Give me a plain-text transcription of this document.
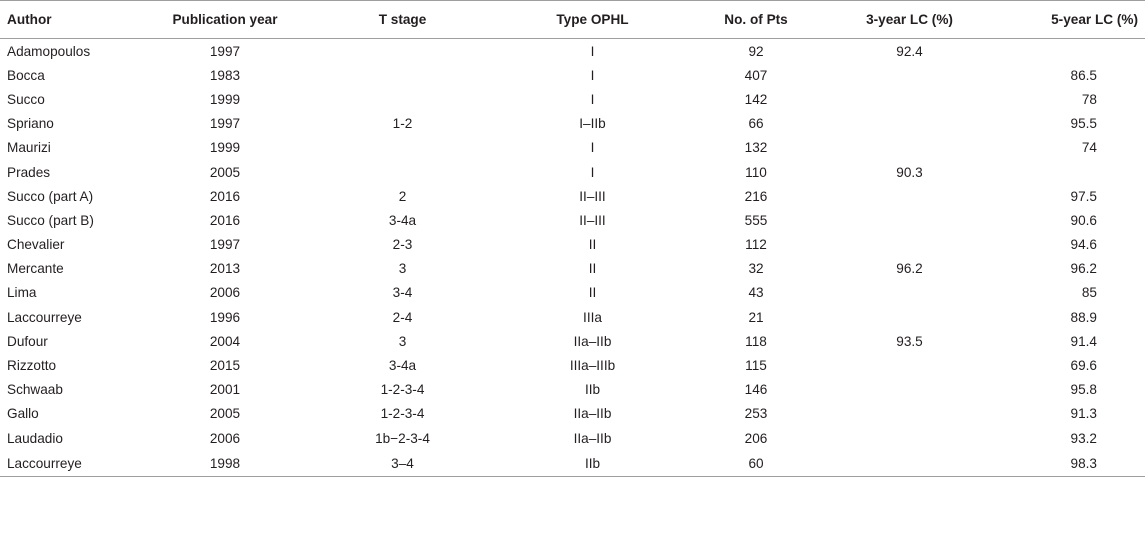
Author	Publication year	T stage	Type OPHL	No. of Pts	3-year LC (%)	5-year LC (%)
Adamopoulos	1997		I	92	92.4	
Bocca	1983		I	407		86.5
Succo	1999		I	142		78
Spriano	1997	1-2	I–IIb	66		95.5
Maurizi	1999		I	132		74
Prades	2005		I	110	90.3	
Succo (part A)	2016	2	II–III	216		97.5
Succo (part B)	2016	3-4a	II–III	555		90.6
Chevalier	1997	2-3	II	112		94.6
Mercante	2013	3	II	32	96.2	96.2
Lima	2006	3-4	II	43		85
Laccourreye	1996	2-4	IIIa	21		88.9
Dufour	2004	3	IIa–IIb	118	93.5	91.4
Rizzotto	2015	3-4a	IIIa–IIIb	115		69.6
Schwaab	2001	1-2-3-4	IIb	146		95.8
Gallo	2005	1-2-3-4	IIa–IIb	253		91.3
Laudadio	2006	1b−2-3-4	IIa–IIb	206		93.2
Laccourreye	1998	3–4	IIb	60		98.3
